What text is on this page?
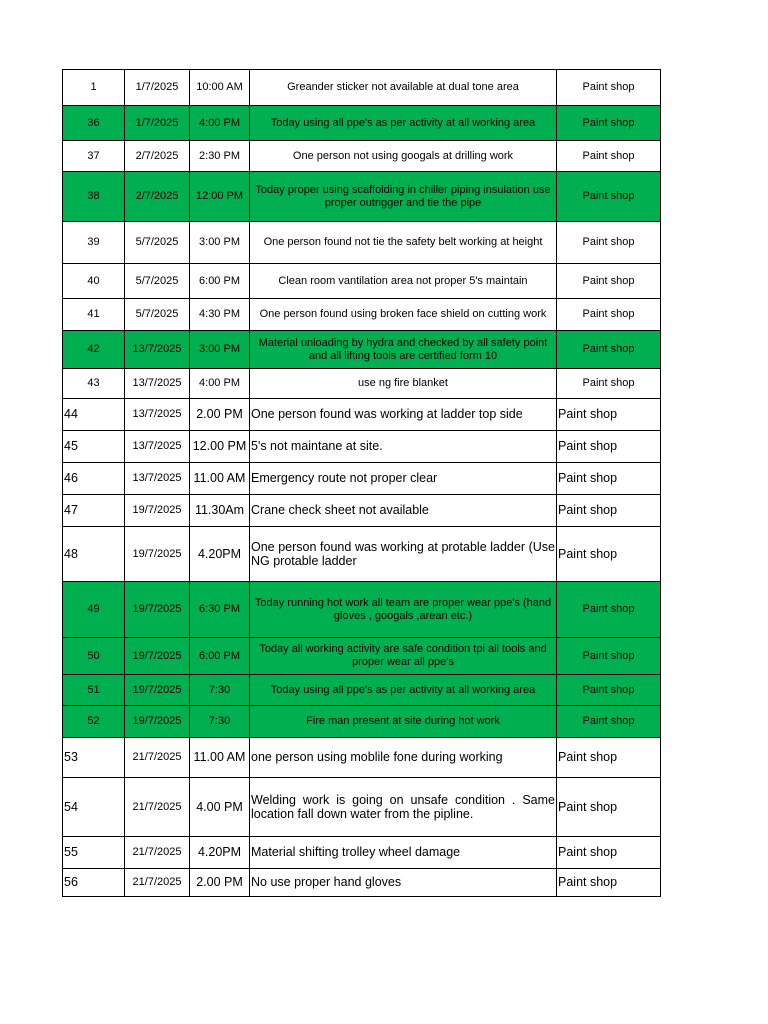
1	1/7/2025	10:00 AM	Greander sticker not available at dual tone area	Paint shop
36	1/7/2025	4:00 PM	Today using all ppe's as per activity at all working area	Paint shop
37	2/7/2025	2:30 PM	One person not using googals at drilling work	Paint shop
38	2/7/2025	12:00 PM	Today proper using scaffolding in chiller piping insulation use proper outrigger and tie the pipe	Paint shop
39	5/7/2025	3:00 PM	One person found not tie the safety belt working at height	Paint shop
40	5/7/2025	6:00 PM	Clean room vantilation area not proper 5's maintain	Paint shop
41	5/7/2025	4:30 PM	One person found using broken face shield on cutting work	Paint shop
42	13/7/2025	3:00 PM	Material unloading by hydra and checked by all safety point and all lifting tools are certified form 10	Paint shop
43	13/7/2025	4:00 PM	use ng fire blanket	Paint shop
44	13/7/2025	2.00 PM	One person found was working at ladder top side	Paint shop
45	13/7/2025	12.00 PM	5's not maintane at site.	Paint shop
46	13/7/2025	11.00 AM	Emergency route not proper clear	Paint shop
47	19/7/2025	11.30Am	Crane check sheet not available	Paint shop
48	19/7/2025	4.20PM	One person found was working at protable ladder (Use NG protable ladder	Paint shop
49	19/7/2025	6:30 PM	Today running hot work all team are proper wear ppe's (hand gloves , googals ,arean etc.)	Paint shop
50	19/7/2025	6:00 PM	Today all working activity are safe condition tpi all tools and proper wear all ppe's	Paint shop
51	19/7/2025	7:30	Today using all ppe's as per activity at all working area	Paint shop
52	19/7/2025	7:30	Fire man present at site during hot work	Paint shop
53	21/7/2025	11.00 AM	one person using moblile fone during working	Paint shop
54	21/7/2025	4.00 PM	Welding work is going on unsafe condition . Same location fall down water from the pipline.	Paint shop
55	21/7/2025	4.20PM	Material shifting trolley wheel damage	Paint shop
56	21/7/2025	2.00 PM	No use proper hand gloves	Paint shop
